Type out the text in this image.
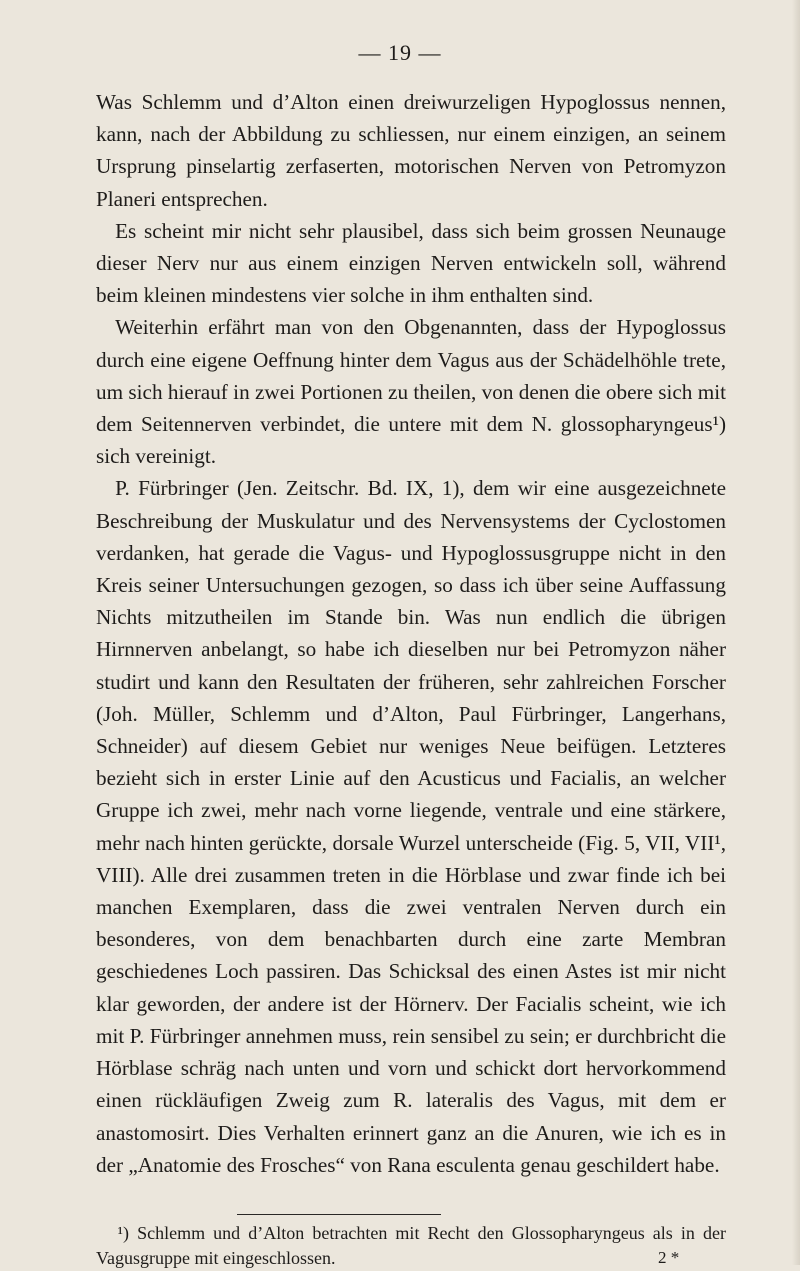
— 19 —

Was Schlemm und d’Alton einen dreiwurzeligen Hypoglossus nennen, kann, nach der Abbildung zu schliessen, nur einem einzigen, an seinem Ursprung pinselartig zerfaserten, motorischen Nerven von Petromyzon Planeri entsprechen.

Es scheint mir nicht sehr plausibel, dass sich beim grossen Neunauge dieser Nerv nur aus einem einzigen Nerven entwickeln soll, während beim kleinen mindestens vier solche in ihm enthalten sind.

Weiterhin erfährt man von den Obgenannten, dass der Hypoglossus durch eine eigene Oeffnung hinter dem Vagus aus der Schädelhöhle trete, um sich hierauf in zwei Portionen zu theilen, von denen die obere sich mit dem Seitennerven verbindet, die untere mit dem N. glossopharyngeus¹) sich vereinigt.

P. Fürbringer (Jen. Zeitschr. Bd. IX, 1), dem wir eine ausgezeichnete Beschreibung der Muskulatur und des Nervensystems der Cyclostomen verdanken, hat gerade die Vagus- und Hypoglossusgruppe nicht in den Kreis seiner Untersuchungen gezogen, so dass ich über seine Auffassung Nichts mitzutheilen im Stande bin. Was nun endlich die übrigen Hirnnerven anbelangt, so habe ich dieselben nur bei Petromyzon näher studirt und kann den Resultaten der früheren, sehr zahlreichen Forscher (Joh. Müller, Schlemm und d’Alton, Paul Fürbringer, Langerhans, Schneider) auf diesem Gebiet nur weniges Neue beifügen. Letzteres bezieht sich in erster Linie auf den Acusticus und Facialis, an welcher Gruppe ich zwei, mehr nach vorne liegende, ventrale und eine stärkere, mehr nach hinten gerückte, dorsale Wurzel unterscheide (Fig. 5, VII, VII¹, VIII). Alle drei zusammen treten in die Hörblase und zwar finde ich bei manchen Exemplaren, dass die zwei ventralen Nerven durch ein besonderes, von dem benachbarten durch eine zarte Membran geschiedenes Loch passiren. Das Schicksal des einen Astes ist mir nicht klar geworden, der andere ist der Hörnerv. Der Facialis scheint, wie ich mit P. Fürbringer annehmen muss, rein sensibel zu sein; er durchbricht die Hörblase schräg nach unten und vorn und schickt dort hervorkommend einen rückläufigen Zweig zum R. lateralis des Vagus, mit dem er anastomosirt. Dies Verhalten erinnert ganz an die Anuren, wie ich es in der „Anatomie des Frosches“ von Rana esculenta genau geschildert habe.

¹) Schlemm und d’Alton betrachten mit Recht den Glossopharyngeus als in der Vagusgruppe mit eingeschlossen.	2 *
